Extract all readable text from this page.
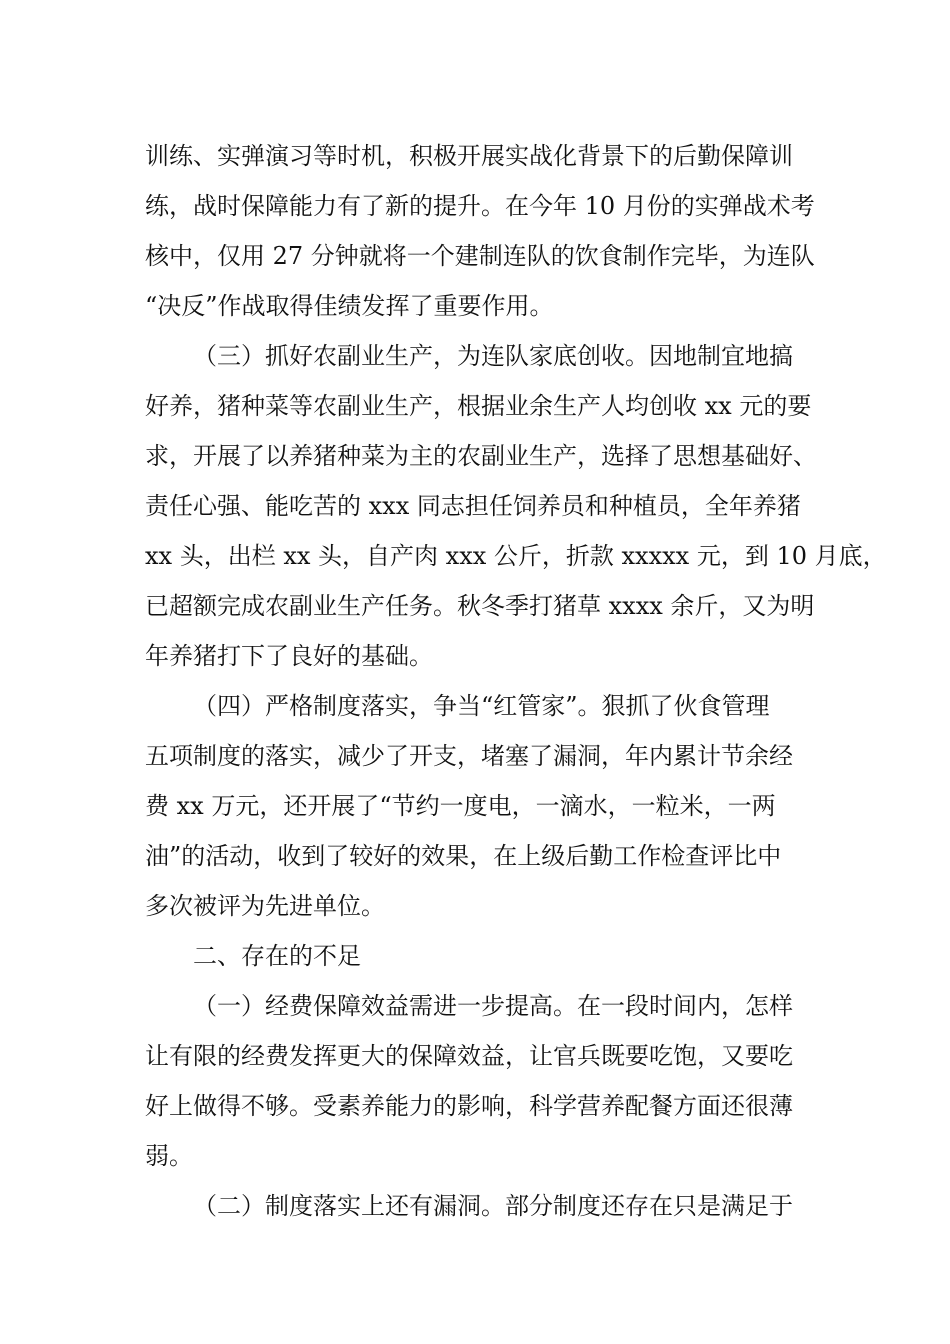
训练、实弹演习等时机，积极开展实战化背景下的后勤保障训
练，战时保障能力有了新的提升。在今年 10 月份的实弹战术考
核中，仅用 27 分钟就将一个建制连队的饮食制作完毕，为连队
“决反”作战取得佳绩发挥了重要作用。
（三）抓好农副业生产，为连队家底创收。因地制宜地搞
好养，猪种菜等农副业生产，根据业余生产人均创收 xx 元的要
求，开展了以养猪种菜为主的农副业生产，选择了思想基础好、
责任心强、能吃苦的 xxx 同志担任饲养员和种植员，全年养猪
xx 头，出栏 xx 头，自产肉 xxx 公斤，折款 xxxxx 元，到 10 月底，
已超额完成农副业生产任务。秋冬季打猪草 xxxx 余斤，又为明
年养猪打下了良好的基础。
（四）严格制度落实，争当“红管家”。狠抓了伙食管理
五项制度的落实，减少了开支，堵塞了漏洞，年内累计节余经
费 xx 万元，还开展了“节约一度电，一滴水，一粒米，一两
油”的活动，收到了较好的效果，在上级后勤工作检查评比中
多次被评为先进单位。
二、存在的不足
（一）经费保障效益需进一步提高。在一段时间内，怎样
让有限的经费发挥更大的保障效益，让官兵既要吃饱，又要吃
好上做得不够。受素养能力的影响，科学营养配餐方面还很薄
弱。
（二）制度落实上还有漏洞。部分制度还存在只是满足于
